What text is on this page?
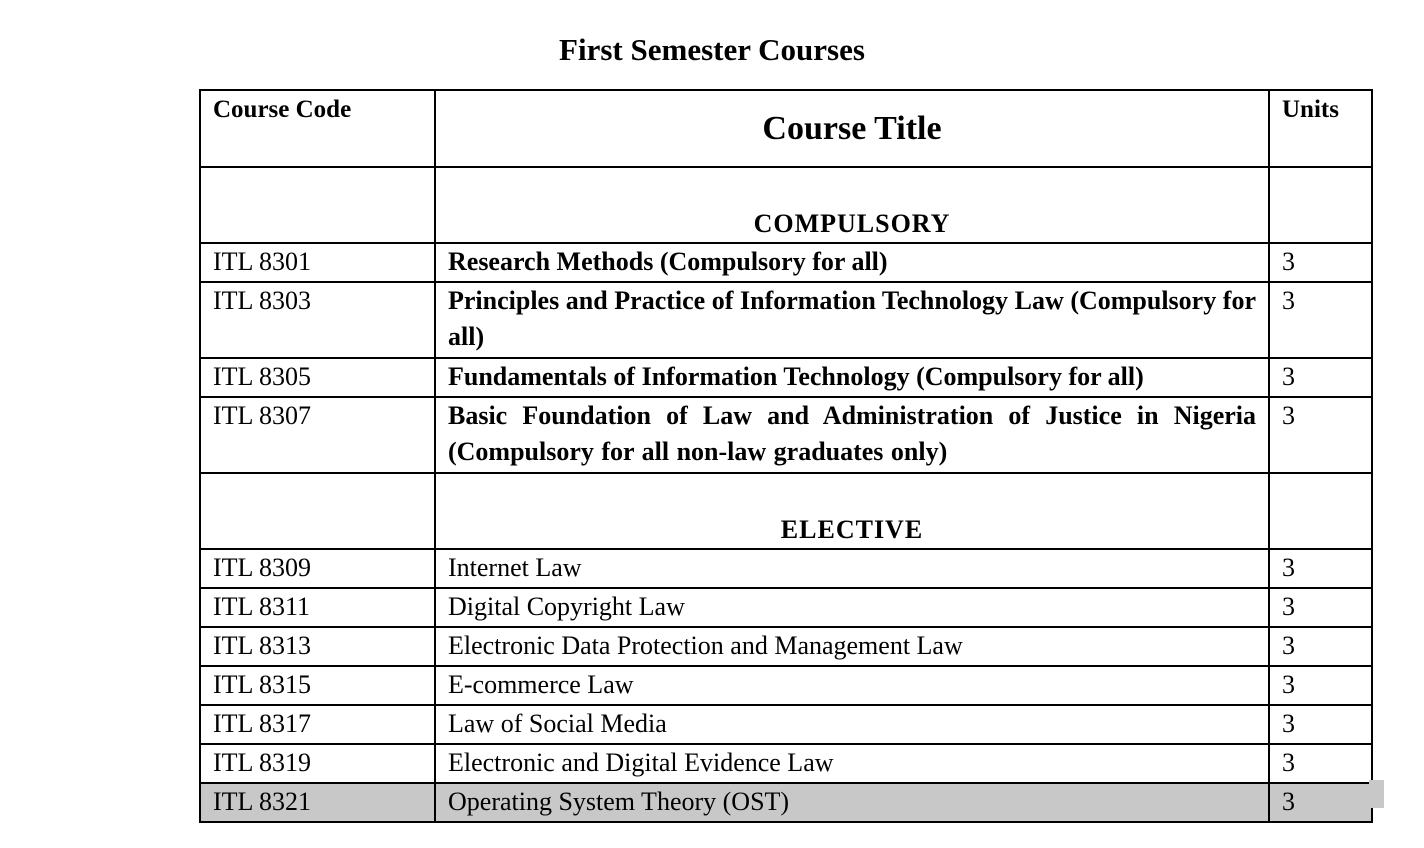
First Semester Courses
Course Code	Course Title	Units
	COMPULSORY	
ITL 8301	Research Methods (Compulsory for all)	3
ITL 8303	Principles and Practice of Information Technology Law (Compulsory for all)	3
ITL 8305	Fundamentals of Information Technology (Compulsory for all)	3
ITL 8307	Basic Foundation of Law and Administration of Justice in Nigeria (Compulsory for all non-law graduates only)	3
	ELECTIVE	
ITL 8309	Internet Law	3
ITL 8311	Digital Copyright Law	3
ITL 8313	Electronic Data Protection and Management Law	3
ITL 8315	E-commerce Law	3
ITL 8317	Law of Social Media	3
ITL 8319	Electronic and Digital Evidence Law	3
ITL 8321	Operating System Theory (OST)	3
